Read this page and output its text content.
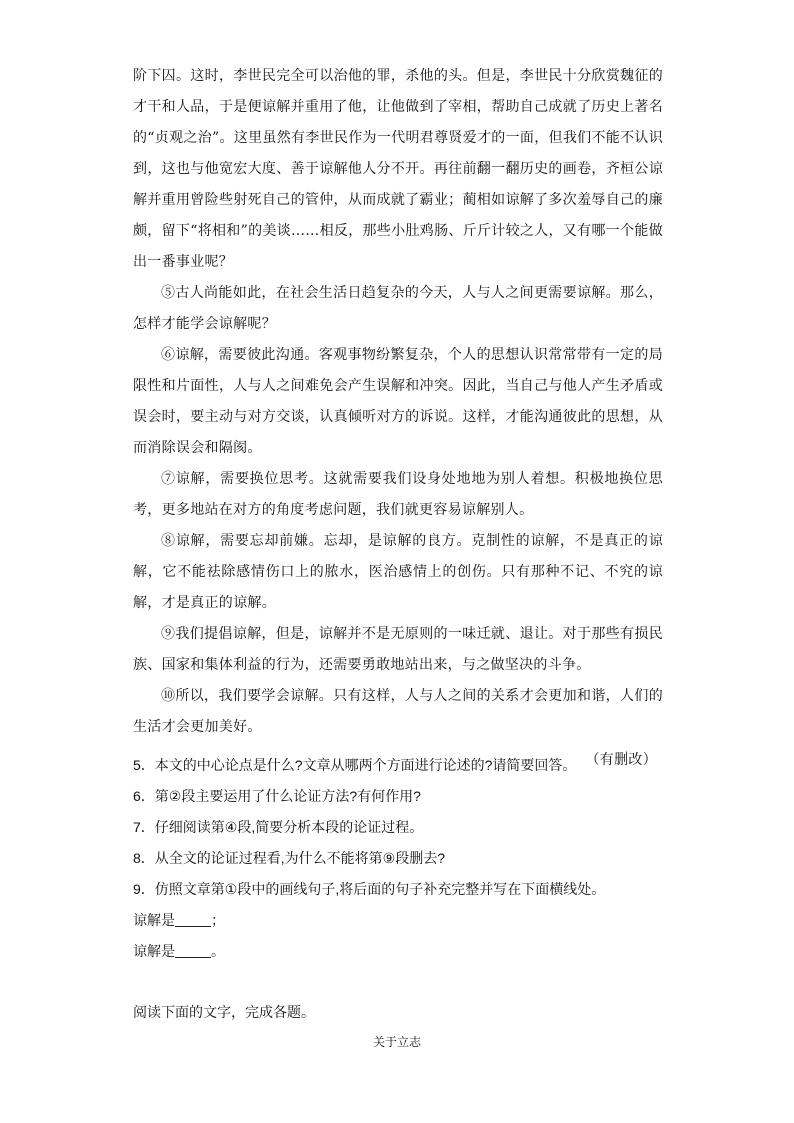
阶下囚。这时，李世民完全可以治他的罪，杀他的头。但是，李世民十分欣赏魏征的才干和人品，于是便谅解并重用了他，让他做到了宰相，帮助自己成就了历史上著名的“贞观之治”。这里虽然有李世民作为一代明君尊贤爱才的一面，但我们不能不认识到，这也与他宽宏大度、善于谅解他人分不开。再往前翻一翻历史的画卷，齐桓公谅解并重用曾险些射死自己的管仲，从而成就了霸业；蔺相如谅解了多次羞辱自己的廉颇，留下“将相和”的美谈……相反，那些小肚鸡肠、斤斤计较之人，又有哪一个能做出一番事业呢？

⑤古人尚能如此，在社会生活日趋复杂的今天，人与人之间更需要谅解。那么，怎样才能学会谅解呢？

⑥谅解，需要彼此沟通。客观事物纷繁复杂，个人的思想认识常常带有一定的局限性和片面性，人与人之间难免会产生误解和冲突。因此，当自己与他人产生矛盾或误会时，要主动与对方交谈，认真倾听对方的诉说。这样，才能沟通彼此的思想，从而消除误会和隔阂。

⑦谅解，需要换位思考。这就需要我们设身处地地为别人着想。积极地换位思考，更多地站在对方的角度考虑问题，我们就更容易谅解别人。

⑧谅解，需要忘却前嫌。忘却，是谅解的良方。克制性的谅解，不是真正的谅解，它不能祛除感情伤口上的脓水，医治感情上的创伤。只有那种不记、不究的谅解，才是真正的谅解。

⑨我们提倡谅解，但是，谅解并不是无原则的一味迁就、退让。对于那些有损民族、国家和集体利益的行为，还需要勇敢地站出来，与之做坚决的斗争。

⑩所以，我们要学会谅解。只有这样，人与人之间的关系才会更加和谐，人们的生活才会更加美好。

（有删改）

5．本文的中心论点是什么?文章从哪两个方面进行论述的?请简要回答。

6．第②段主要运用了什么论证方法?有何作用?

7．仔细阅读第④段,简要分析本段的论证过程。

8．从全文的论证过程看,为什么不能将第⑨段删去?

9．仿照文章第①段中的画线句子,将后面的句子补充完整并写在下面横线处。

谅解是	；

谅解是	。

阅读下面的文字，完成各题。
关于立志
